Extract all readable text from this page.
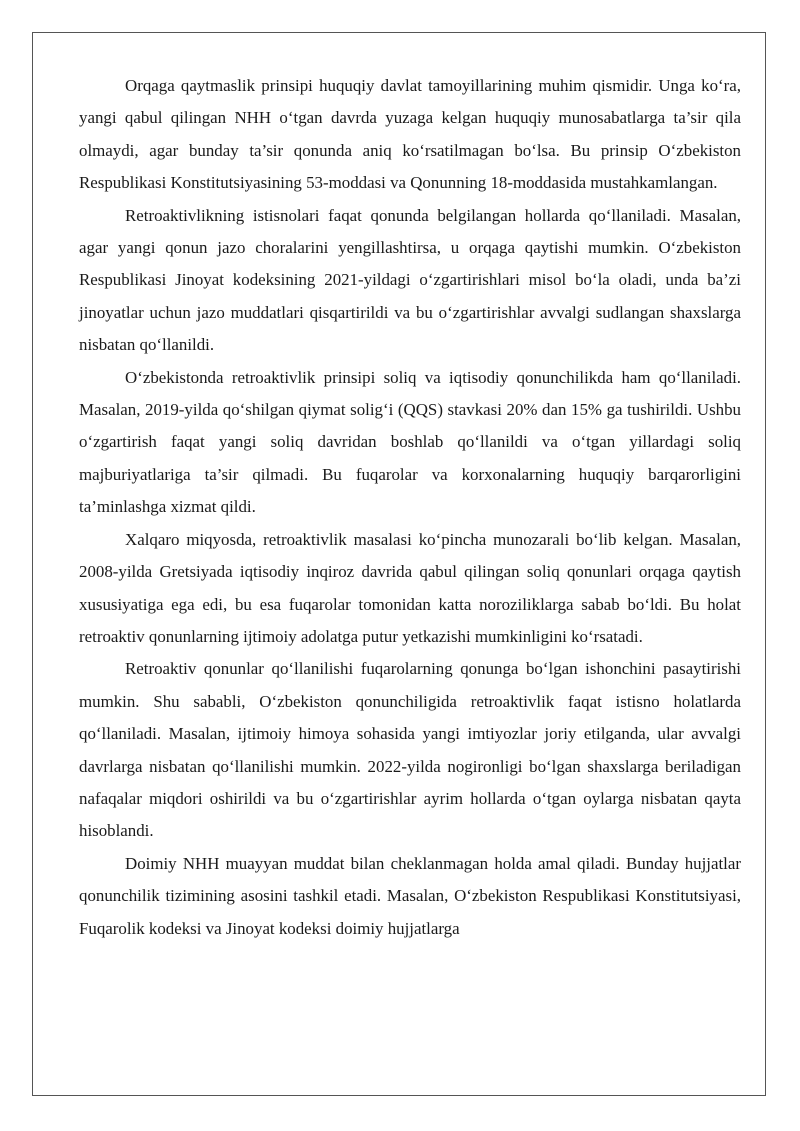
Orqaga qaytmaslik prinsipi huquqiy davlat tamoyillarining muhim qismidir. Unga ko‘ra, yangi qabul qilingan NHH o‘tgan davrda yuzaga kelgan huquqiy munosabatlarga ta’sir qila olmaydi, agar bunday ta’sir qonunda aniq ko‘rsatilmagan bo‘lsa. Bu prinsip O‘zbekiston Respublikasi Konstitutsiyasining 53-moddasi va Qonunning 18-moddasida mustahkamlangan.

Retroaktivlikning istisnolari faqat qonunda belgilangan hollarda qo‘llaniladi. Masalan, agar yangi qonun jazo choralarini yengillashtirsa, u orqaga qaytishi mumkin. O‘zbekiston Respublikasi Jinoyat kodeksining 2021-yildagi o‘zgartirishlari misol bo‘la oladi, unda ba’zi jinoyatlar uchun jazo muddatlari qisqartirildi va bu o‘zgartirishlar avvalgi sudlangan shaxslarga nisbatan qo‘llanildi.

O‘zbekistonda retroaktivlik prinsipi soliq va iqtisodiy qonunchilikda ham qo‘llaniladi. Masalan, 2019-yilda qo‘shilgan qiymat solig‘i (QQS) stavkasi 20% dan 15% ga tushirildi. Ushbu o‘zgartirish faqat yangi soliq davridan boshlab qo‘llanildi va o‘tgan yillardagi soliq majburiyatlariga ta’sir qilmadi. Bu fuqarolar va korxonalarning huquqiy barqarorligini ta’minlashga xizmat qildi.

Xalqaro miqyosda, retroaktivlik masalasi ko‘pincha munozarali bo‘lib kelgan. Masalan, 2008-yilda Gretsiyada iqtisodiy inqiroz davrida qabul qilingan soliq qonunlari orqaga qaytish xususiyatiga ega edi, bu esa fuqarolar tomonidan katta noroziliklarga sabab bo‘ldi. Bu holat retroaktiv qonunlarning ijtimoiy adolatga putur yetkazishi mumkinligini ko‘rsatadi.

Retroaktiv qonunlar qo‘llanilishi fuqarolarning qonunga bo‘lgan ishonchini pasaytirishi mumkin. Shu sababli, O‘zbekiston qonunchiligida retroaktivlik faqat istisno holatlarda qo‘llaniladi. Masalan, ijtimoiy himoya sohasida yangi imtiyozlar joriy etilganda, ular avvalgi davrlarga nisbatan qo‘llanilishi mumkin. 2022-yilda nogironligi bo‘lgan shaxslarga beriladigan nafaqalar miqdori oshirildi va bu o‘zgartirishlar ayrim hollarda o‘tgan oylarga nisbatan qayta hisoblandi.

Doimiy NHH muayyan muddat bilan cheklanmagan holda amal qiladi. Bunday hujjatlar qonunchilik tizimining asosini tashkil etadi. Masalan, O‘zbekiston Respublikasi Konstitutsiyasi, Fuqarolik kodeksi va Jinoyat kodeksi doimiy hujjatlarga
